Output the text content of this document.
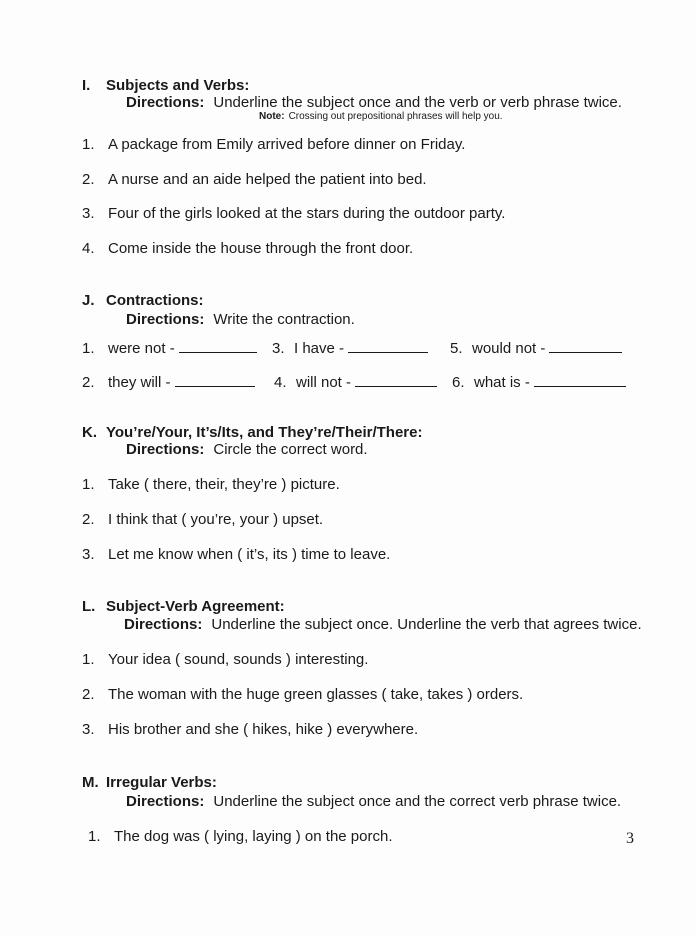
I. Subjects and Verbs:
Directions: Underline the subject once and the verb or verb phrase twice.
Note: Crossing out prepositional phrases will help you.
1. A package from Emily arrived before dinner on Friday.
2. A nurse and an aide helped the patient into bed.
3. Four of the girls looked at the stars during the outdoor party.
4. Come inside the house through the front door.
J. Contractions:
Directions: Write the contraction.
1. were not -	3. I have -	5. would not -
2. they will -	4. will not -	6. what is -
K. You’re/Your, It’s/Its, and They’re/Their/There:
Directions: Circle the correct word.
1. Take ( there, their, they’re ) picture.
2. I think that ( you’re, your ) upset.
3. Let me know when ( it’s, its ) time to leave.
L. Subject-Verb Agreement:
Directions: Underline the subject once. Underline the verb that agrees twice.
1. Your idea ( sound, sounds ) interesting.
2. The woman with the huge green glasses ( take, takes ) orders.
3. His brother and she ( hikes, hike ) everywhere.
M. Irregular Verbs:
Directions: Underline the subject once and the correct verb phrase twice.
1. The dog was ( lying, laying ) on the porch.	3
